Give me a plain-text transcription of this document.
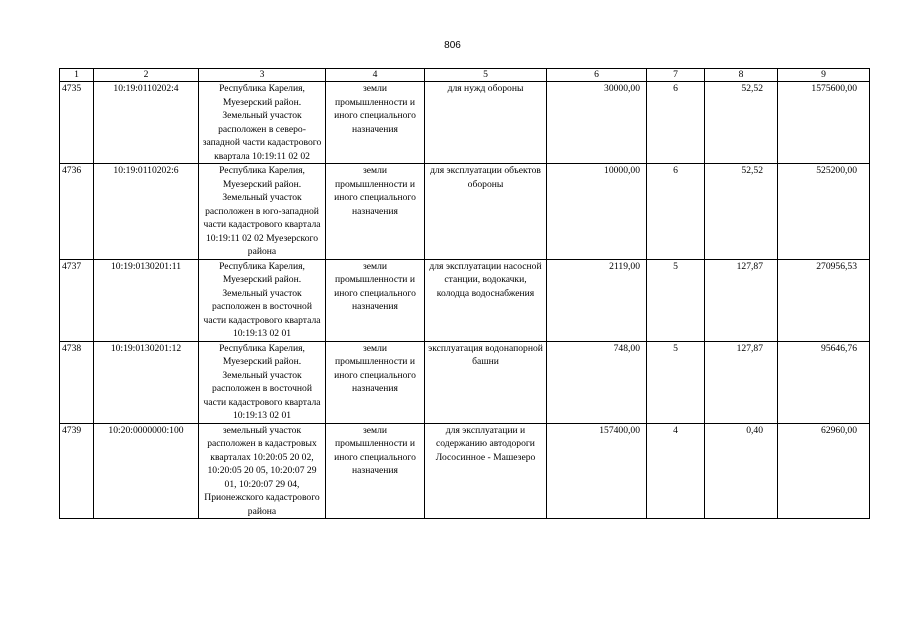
806
1	2	3	4	5	6	7	8	9
4735	10:19:0110202:4	Республика Карелия, Муезерский район. Земельный участок расположен в северо-западной части кадастрового квартала 10:19:11 02 02	земли промышленности и иного специального назначения	для нужд обороны	30000,00	6	52,52	1575600,00
4736	10:19:0110202:6	Республика Карелия, Муезерский район. Земельный участок расположен в юго-западной части кадастрового квартала 10:19:11 02 02 Муезерского района	земли промышленности и иного специального назначения	для эксплуатации объектов обороны	10000,00	6	52,52	525200,00
4737	10:19:0130201:11	Республика Карелия, Муезерский район. Земельный участок расположен в восточной части кадастрового квартала 10:19:13 02 01	земли промышленности и иного специального назначения	для эксплуатации насосной станции, водокачки, колодца водоснабжения	2119,00	5	127,87	270956,53
4738	10:19:0130201:12	Республика Карелия, Муезерский район. Земельный участок расположен в восточной части кадастрового квартала 10:19:13 02 01	земли промышленности и иного специального назначения	эксплуатация водонапорной башни	748,00	5	127,87	95646,76
4739	10:20:0000000:100	земельный участок расположен в кадастровых кварталах 10:20:05 20 02, 10:20:05 20 05, 10:20:07 29 01, 10:20:07 29 04, Прионежского кадастрового района	земли промышленности и иного специального назначения	для эксплуатации и содержанию автодороги Лососинное - Машезеро	157400,00	4	0,40	62960,00
